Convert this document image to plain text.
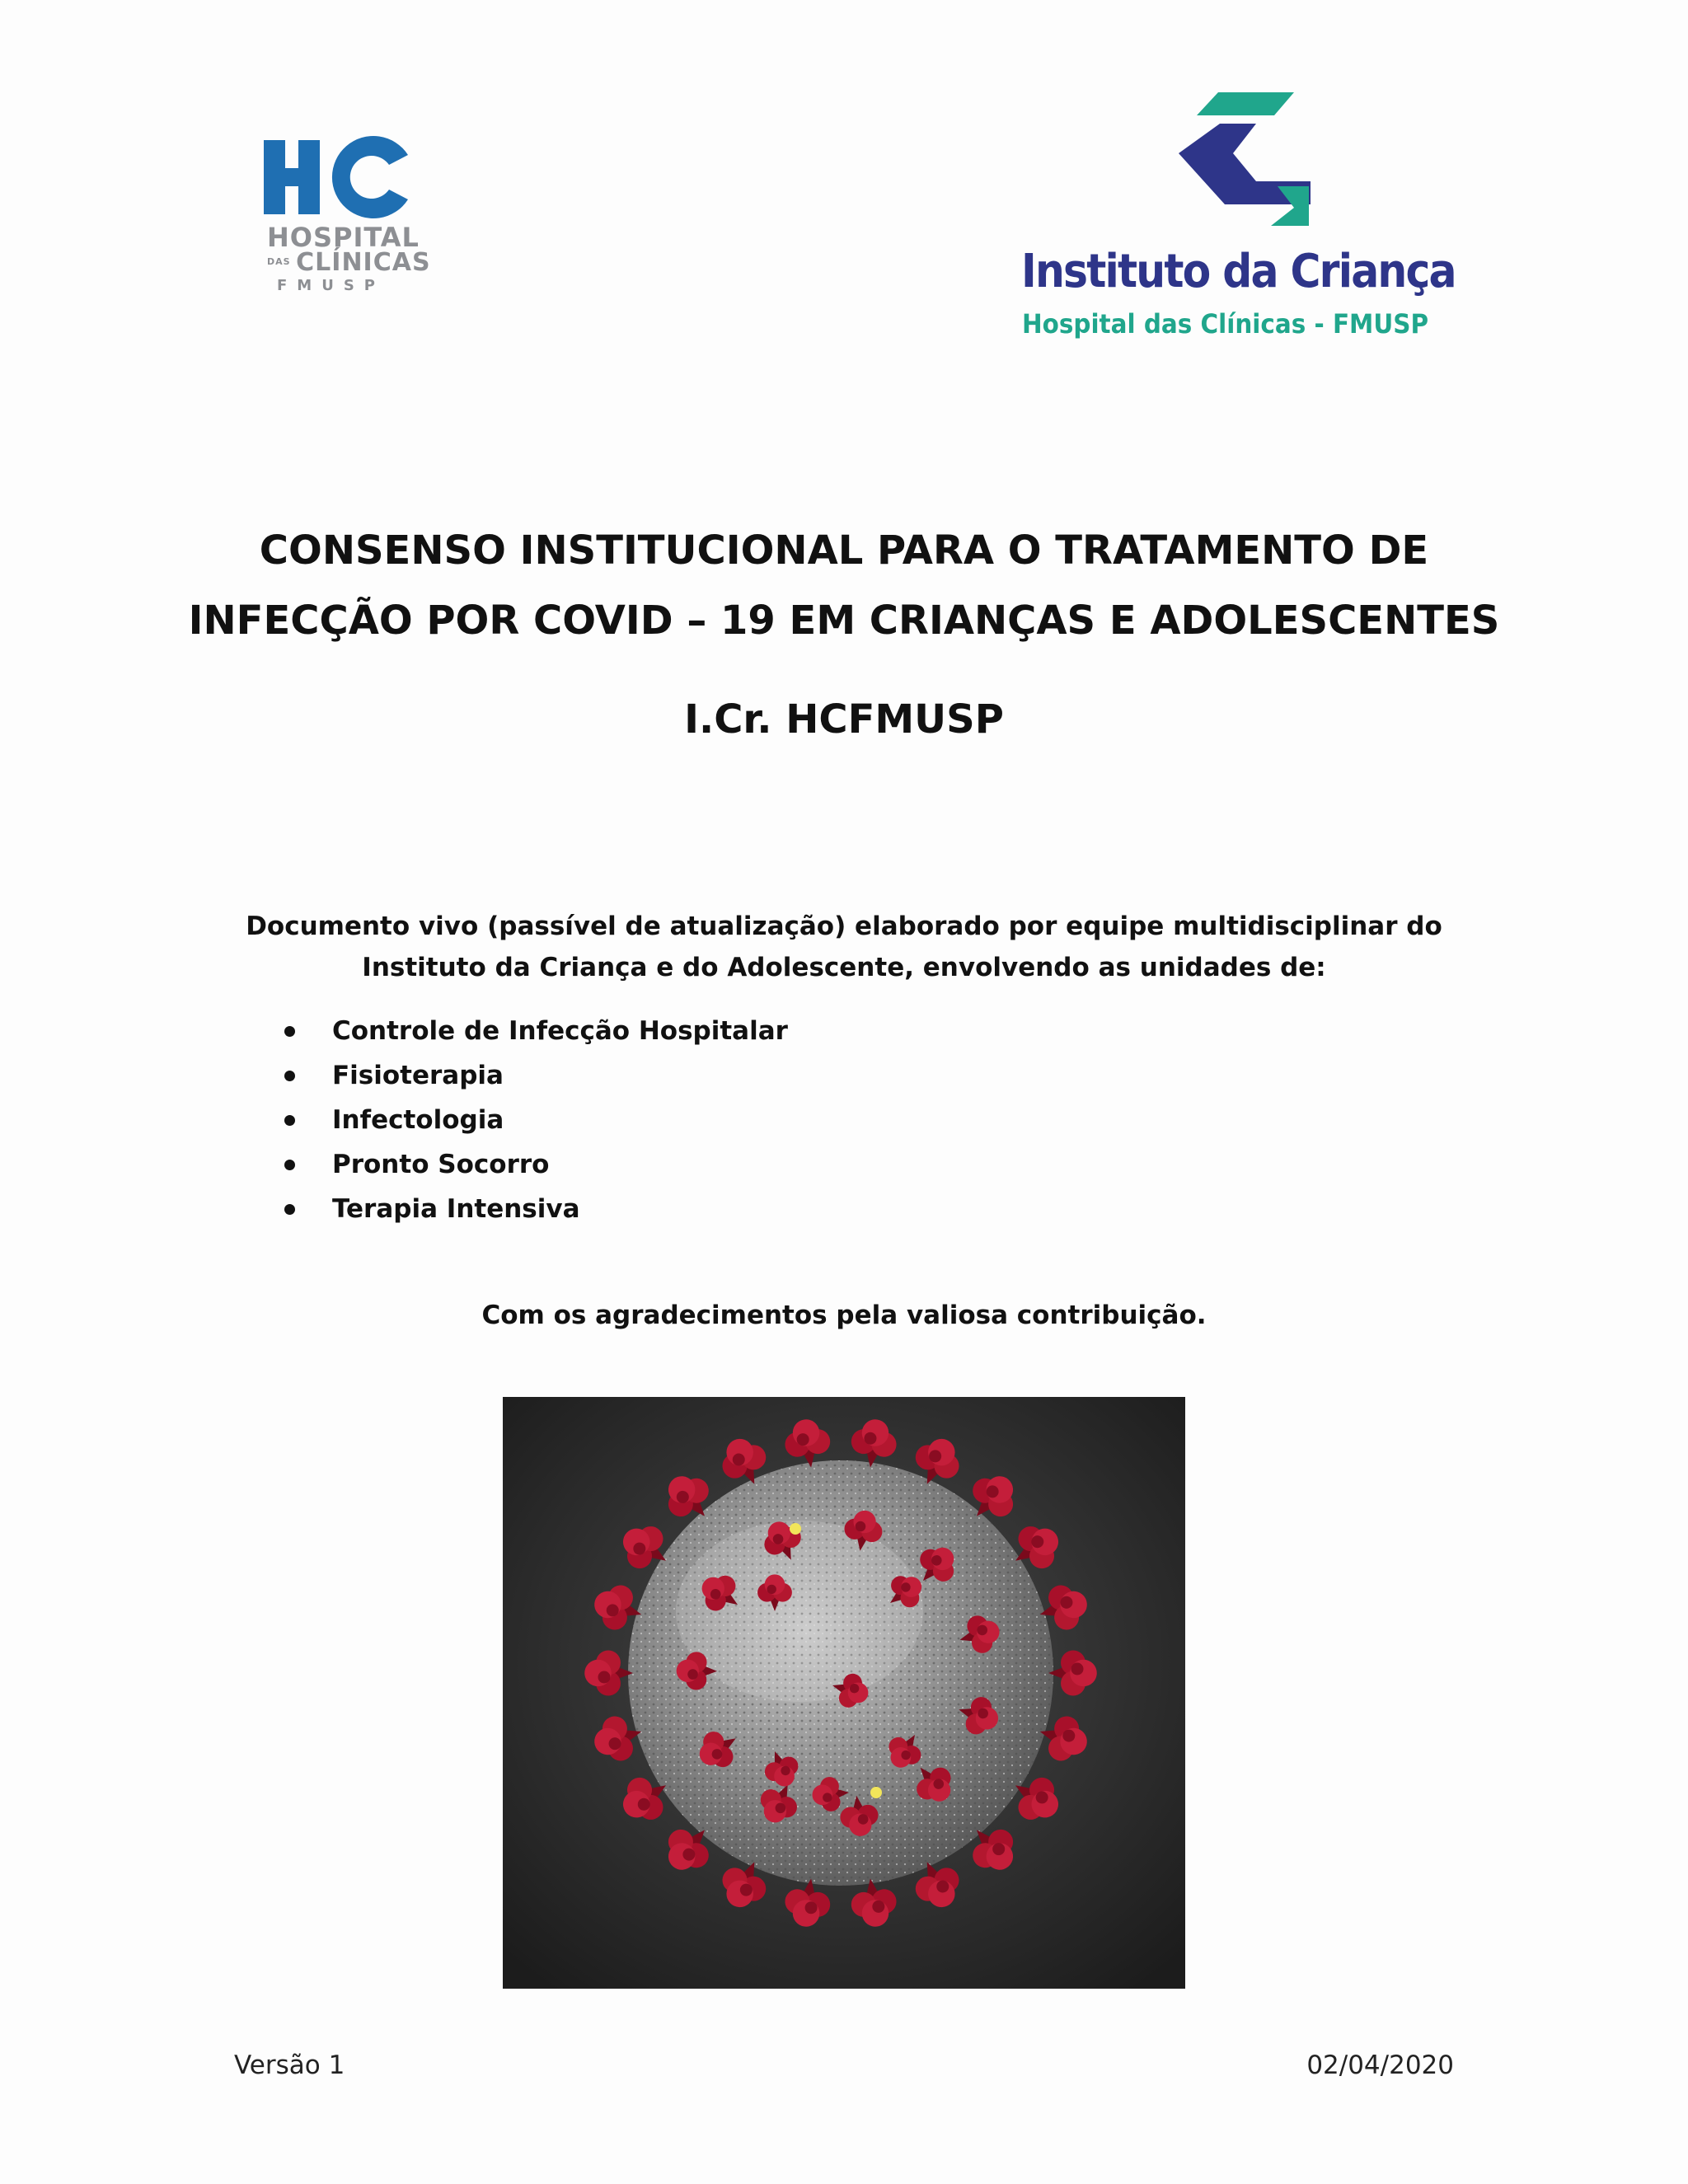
HOSPITAL
DAS CLÍNICAS
FMUSP	Instituto da Criança
Hospital das Clínicas - FMUSP
CONSENSO INSTITUCIONAL PARA O TRATAMENTO DE
INFECÇÃO POR COVID – 19 EM CRIANÇAS E ADOLESCENTES
I.Cr. HCFMUSP

Documento vivo (passível de atualização) elaborado por equipe multidisciplinar do Instituto da Criança e do Adolescente, envolvendo as unidades de:

Controle de Infecção Hospitalar
Fisioterapia
Infectologia
Pronto Socorro
Terapia Intensiva

Com os agradecimentos pela valiosa contribuição.

Versão 1	02/04/2020
